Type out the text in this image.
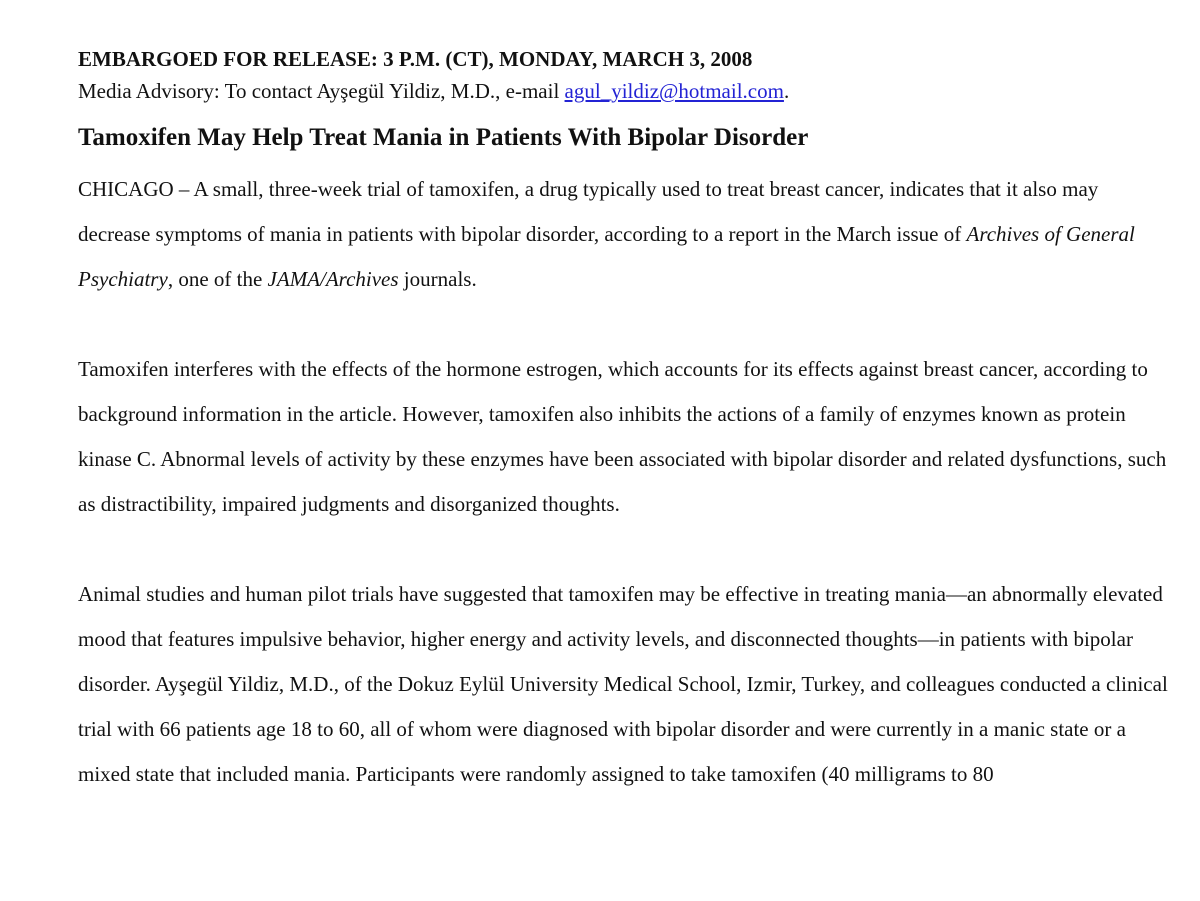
EMBARGOED FOR RELEASE: 3 P.M. (CT), MONDAY, MARCH 3, 2008

Media Advisory: To contact Ayşegül Yildiz, M.D., e-mail agul_yildiz@hotmail.com.

Tamoxifen May Help Treat Mania in Patients With Bipolar Disorder

CHICAGO – A small, three-week trial of tamoxifen, a drug typically used to treat breast cancer, indicates that it also may decrease symptoms of mania in patients with bipolar disorder, according to a report in the March issue of Archives of General Psychiatry, one of the JAMA/Archives journals.

Tamoxifen interferes with the effects of the hormone estrogen, which accounts for its effects against breast cancer, according to background information in the article. However, tamoxifen also inhibits the actions of a family of enzymes known as protein kinase C. Abnormal levels of activity by these enzymes have been associated with bipolar disorder and related dysfunctions, such as distractibility, impaired judgments and disorganized thoughts.

Animal studies and human pilot trials have suggested that tamoxifen may be effective in treating mania—an abnormally elevated mood that features impulsive behavior, higher energy and activity levels, and disconnected thoughts—in patients with bipolar disorder. Ayşegül Yildiz, M.D., of the Dokuz Eylül University Medical School, Izmir, Turkey, and colleagues conducted a clinical trial with 66 patients age 18 to 60, all of whom were diagnosed with bipolar disorder and were currently in a manic state or a mixed state that included mania. Participants were randomly assigned to take tamoxifen (40 milligrams to 80
